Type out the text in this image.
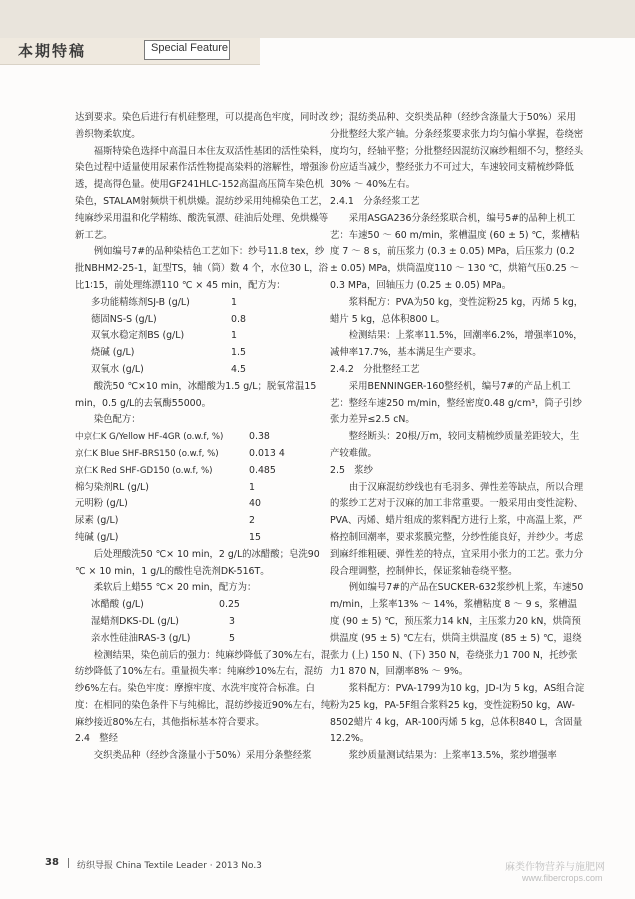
本期特稿	Special Feature

达到要求。染色后进行有机硅整理，可以提高色牢度，同时改善织物柔软度。

福斯特染色选择中高温日本住友双活性基团的活性染料，染色过程中适量使用尿素作活性物提高染料的溶解性，增强渗透，提高得色量。使用GF241HLC-152高温高压筒车染色机染色，STALAM射频烘干机烘燥。混纺纱采用纯棉染色工艺，纯麻纱采用温和化学精练、酸洗氧漂、硅油后处理、免烘燥等新工艺。

例如编号7#的品种染桔色工艺如下：纱号11.8 tex，纱批NBHM2-25-1，缸型TS，轴（筒）数 4 个，水位30 L，浴比1∶15，前处理练漂110 ℃ × 45 min，配方为：

多功能精练剂SJ-B (g/L)	1
德固NS-S (g/L)	0.8
双氧水稳定剂BS (g/L)	1
烧碱 (g/L)	1.5
双氧水 (g/L)	4.5

酸洗50 ℃×10 min，冰醋酸为1.5 g/L；脱氧常温15 min，0.5 g/L的去氧酶55000。

染色配方：

中京仁K G/Yellow HF-4GR (o.w.f, %)	0.38
京仁K Blue SHF-BRS150 (o.w.f, %)	0.013 4
京仁K Red SHF-GD150 (o.w.f, %)	0.485
棉匀染剂RL (g/L)	1
元明粉 (g/L)	40
尿素 (g/L)	2
纯碱 (g/L)	15

后处理酸洗50 ℃× 10 min，2 g/L的冰醋酸；皂洗90 ℃ × 10 min，1 g/L的酸性皂洗剂DK-516T。

柔软后上蜡55 ℃× 20 min，配方为：

冰醋酸 (g/L)	0.25
湿蜡剂DKS-DL (g/L)	3
亲水性硅油RAS-3 (g/L)	5

检测结果，染色前后的强力：纯麻纱降低了30%左右，混纺纱降低了10%左右。重量损失率：纯麻纱10%左右，混纺纱6%左右。染色牢度：摩擦牢度、水洗牢度符合标准。白度：在相同的染色条件下与纯棉比，混纺纱接近90%左右，纯麻纱接近80%左右，其他指标基本符合要求。

2.4　整经

交织类品种（经纱含涤量小于50%）采用分条整经浆

纱；混纺类品种、交织类品种（经纱含涤量大于50%）采用分批整经大浆产轴。分条经浆要求张力均匀偏小掌握，卷绕密度均匀，经轴平整；分批整经因混纺汉麻纱粗细不匀，整经头份应适当减少，整经张力不可过大，车速较同支精梳纱降低30% ～ 40%左右。

2.4.1　分条经浆工艺

采用ASGA236分条经浆联合机，编号5#的品种上机工艺：车速50 ～ 60 m/min，浆槽温度 (60 ± 5) ℃，浆槽粘度 7 ～ 8 s，前压浆力 (0.3 ± 0.05) MPa，后压浆力 (0.2 ± 0.05) MPa，烘筒温度110 ～ 130 ℃，烘箱气压0.25 ～ 0.3 MPa，回轴压力 (0.25 ± 0.05) MPa。

浆料配方：PVA为50 kg，变性淀粉25 kg，丙烯 5 kg，蜡片 5 kg，总体积800 L。

检测结果：上浆率11.5%，回潮率6.2%，增强率10%，减伸率17.7%，基本满足生产要求。

2.4.2　分批整经工艺

采用BENNINGER-160整经机，编号7#的产品上机工艺：整经车速250 m/min，整经密度0.48 g/cm³，筒子引纱张力差异≤2.5 cN。

整经断头：20根/万m，较同支精梳纱质量差距较大，生产较难做。

2.5　浆纱

由于汉麻混纺纱线也有毛羽多、弹性差等缺点，所以合理的浆纱工艺对于汉麻的加工非常重要。一般采用由变性淀粉、PVA、丙烯、蜡片组成的浆料配方进行上浆，中高温上浆，严格控制回潮率，要求浆膜完整，分纱性能良好，并纱少。考虑到麻纤维粗硬、弹性差的特点，宜采用小张力的工艺。张力分段合理调整，控制伸长，保证浆轴卷绕平整。

例如编号7#的产品在SUCKER-632浆纱机上浆，车速50 m/min，上浆率13% ～ 14%，浆槽粘度 8 ～ 9 s，浆槽温度 (90 ± 5) ℃，预压浆力14 kN，主压浆力20 kN，烘筒预烘温度 (95 ± 5) ℃左右，烘筒主烘温度 (85 ± 5) ℃，退绕张力 (上) 150 N、(下) 350 N，卷绕张力1 700 N，托纱张力1 870 N，回潮率8% ～ 9%。

浆料配方：PVA-1799为10 kg，JD-I为 5 kg，AS组合淀粉为25 kg，PA-5F组合浆料25 kg，变性淀粉50 kg，AW-8502蜡片 4 kg，AR-100丙烯 5 kg，总体积840 L，含固量12.2%。

浆纱质量测试结果为：上浆率13.5%，浆纱增强率

38 纺织导报 China Textile Leader · 2013 No.3	麻类作物营养与施肥网
www.fibercrops.com
